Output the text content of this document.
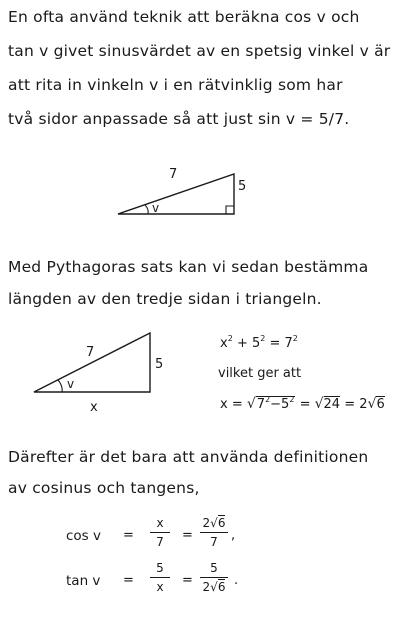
En ofta använd teknik att beräkna cos v och
tan v givet sinusvärdet av en spetsig vinkel v är
att rita in vinkeln v i en rätvinklig som har
två sidor anpassade så att just sin v = 5/7.
7
5
v
Med Pythagoras sats kan vi sedan bestämma
längden av den tredje sidan i triangeln.
7
5
v
x
$x^2 + 5^2 = 7^2$
vilket ger att
$x = √7^2-5^2 = √24 = 2√6$
Därefter är det bara att använda definitionen
av cosinus och tangens,
cos v =
x
7	=
2√6
7	,
tan v =
5
x	=
5
2√6 .
